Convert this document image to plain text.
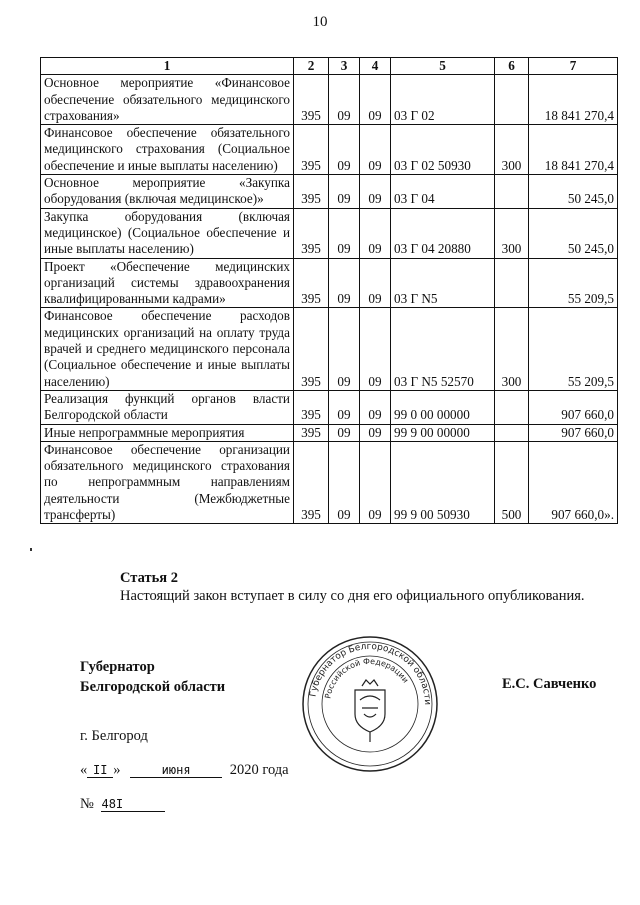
10
1	2	3	4	5	6	7
Основное мероприятие «Финансовое обеспечение обязательного медицинского страхования»	395	09	09	03 Г 02		18 841 270,4
Финансовое обеспечение обязательного медицинского страхования (Социальное обеспечение и иные выплаты населению)	395	09	09	03 Г 02 50930	300	18 841 270,4
Основное мероприятие «Закупка оборудования (включая медицинское)»	395	09	09	03 Г 04		50 245,0
Закупка оборудования (включая медицинское) (Социальное обеспечение и иные выплаты населению)	395	09	09	03 Г 04 20880	300	50 245,0
Проект «Обеспечение медицинских организаций системы здравоохранения квалифицированными кадрами»	395	09	09	03 Г N5		55 209,5
Финансовое обеспечение расходов медицинских организаций на оплату труда врачей и среднего медицинского персонала (Социальное обеспечение и иные выплаты населению)	395	09	09	03 Г N5 52570	300	55 209,5
Реализация функций органов власти Белгородской области	395	09	09	99 0 00 00000		907 660,0
Иные непрограммные мероприятия	395	09	09	99 9 00 00000		907 660,0
Финансовое обеспечение организации обязательного медицинского страхования по непрограммным направлениям деятельности (Межбюджетные трансферты)	395	09	09	99 9 00 50930	500	907 660,0».
Статья 2
Настоящий закон вступает в силу со дня его официального опубликования.
Губернатор
Белгородской области	Губернатор Белгородской области
Российской Федерации	Е.С. Савченко
г. Белгород
« II »	июня	2020 года
№ 48I
